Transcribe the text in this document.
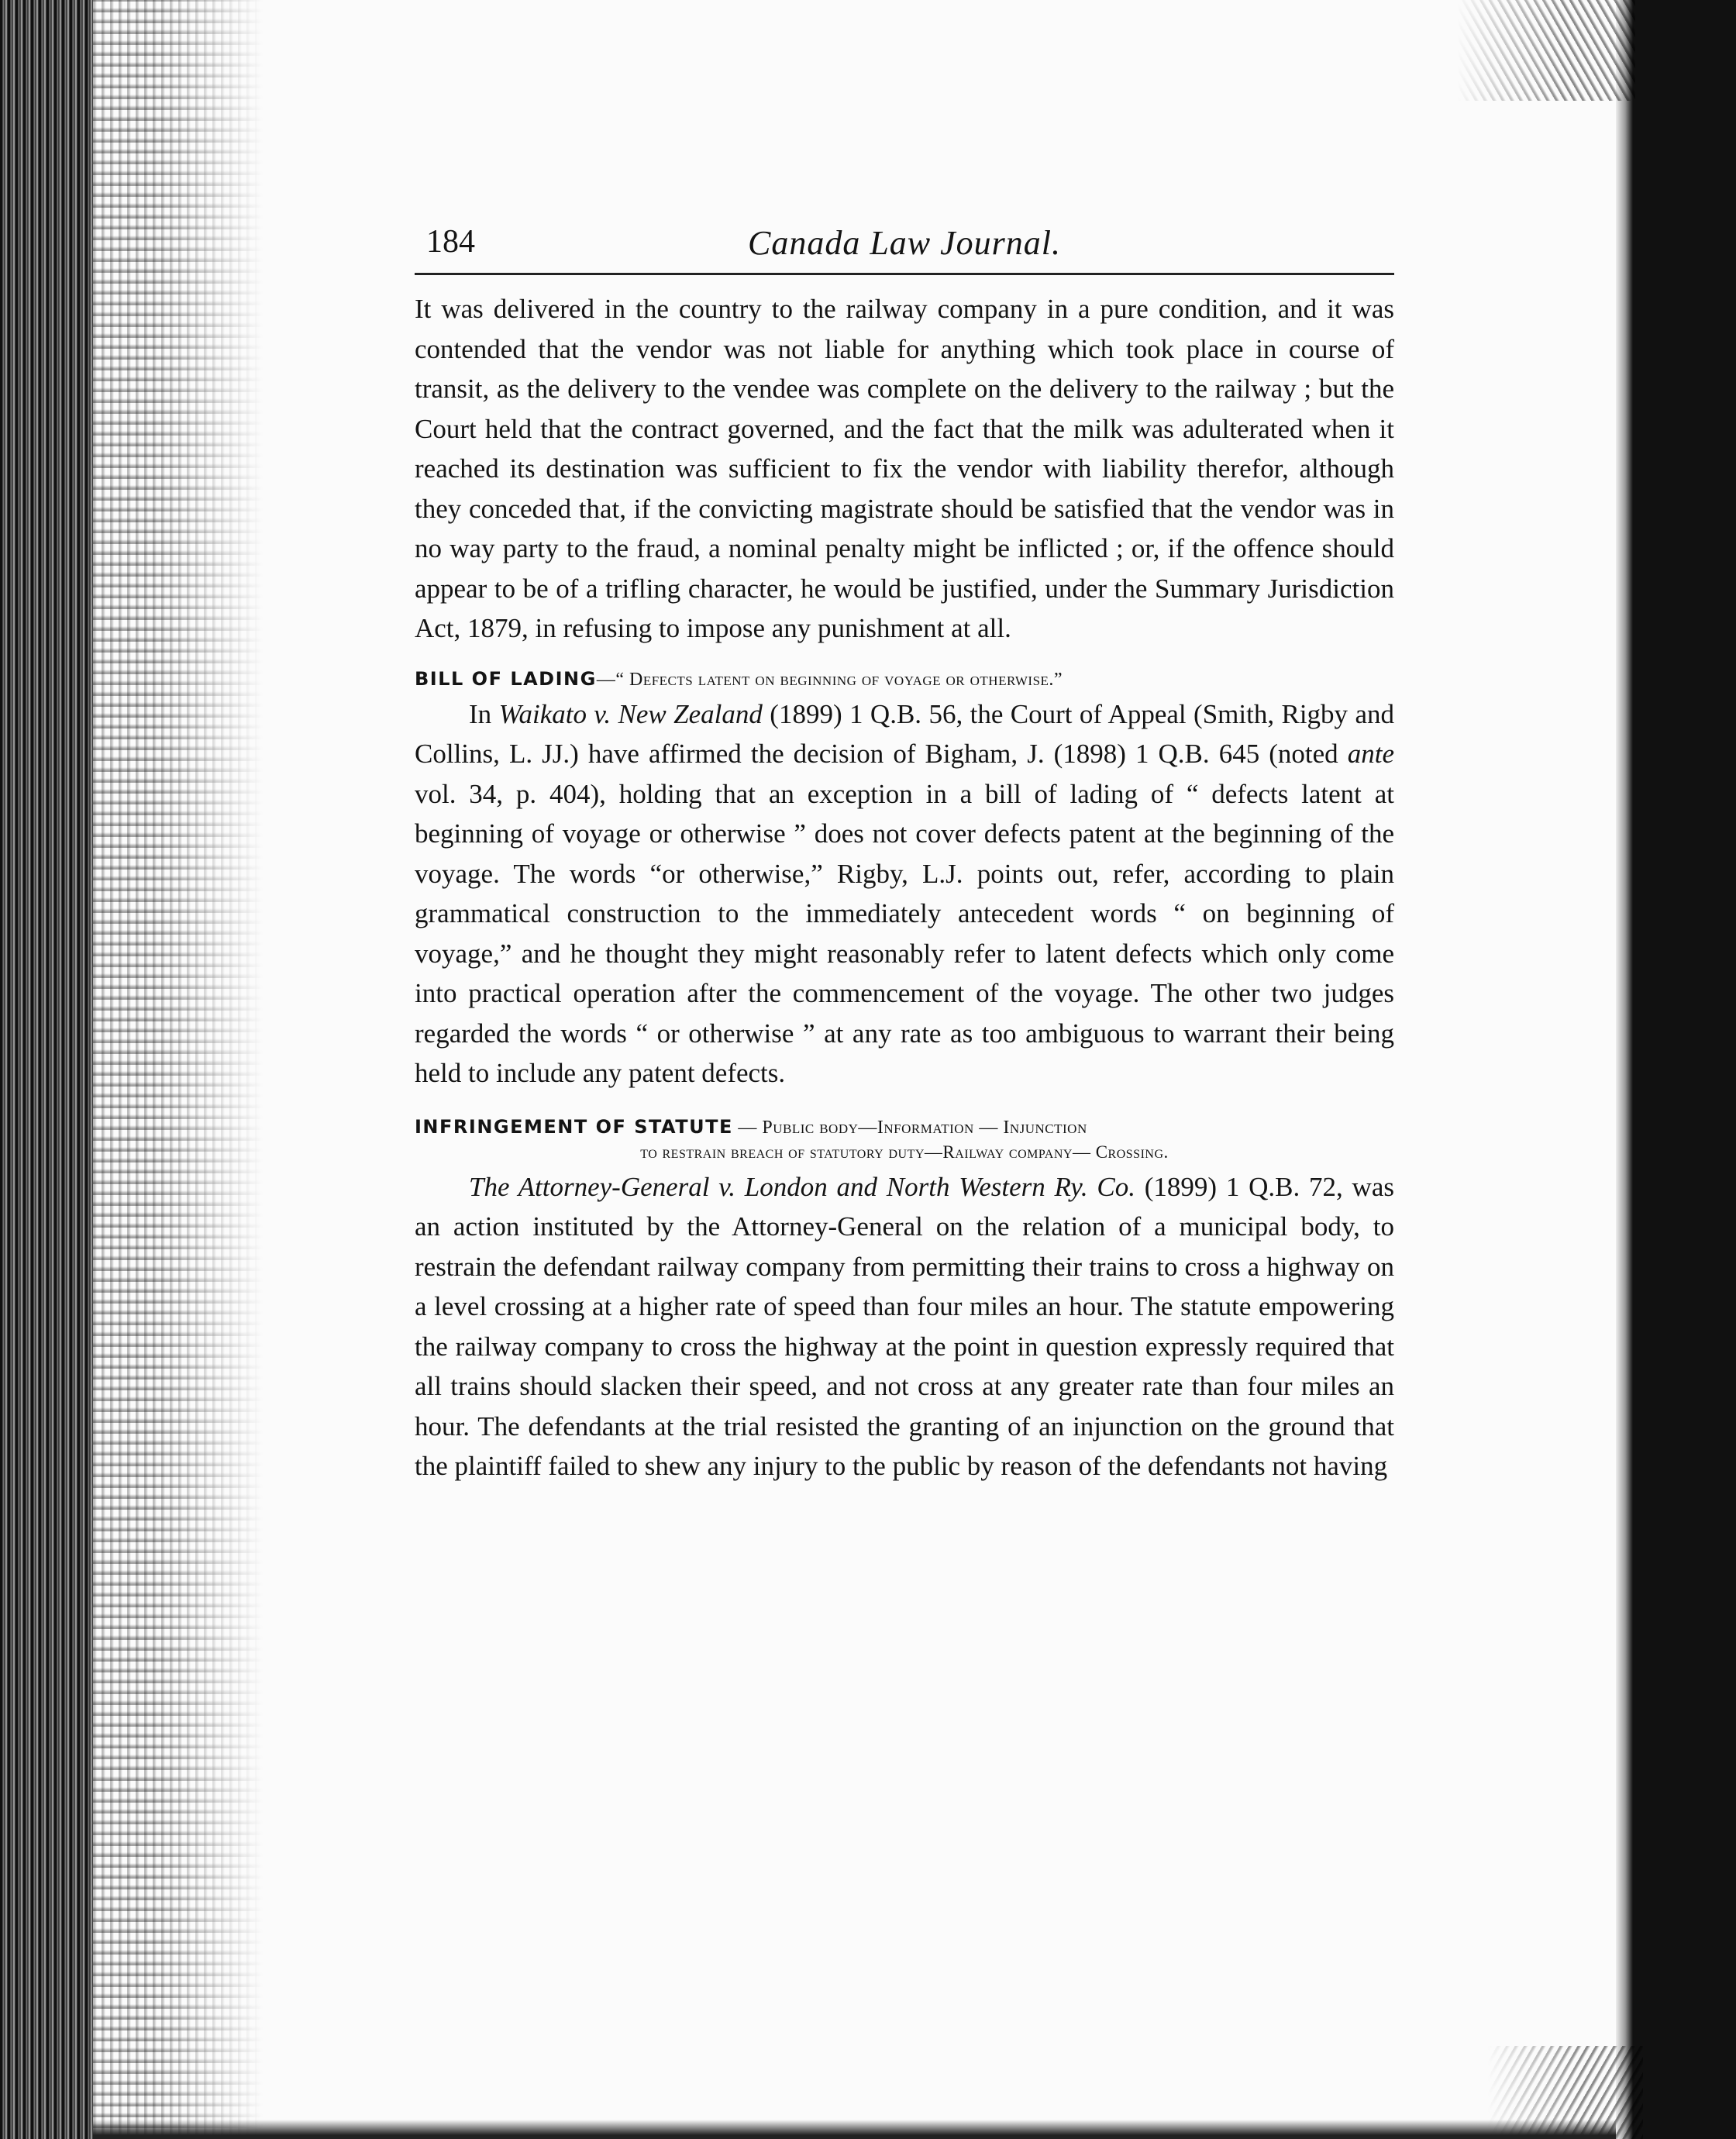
184	Canada Law Journal.

It was delivered in the country to the railway company in a pure condition, and it was contended that the vendor was not liable for anything which took place in course of transit, as the delivery to the vendee was complete on the delivery to the railway ; but the Court held that the contract governed, and the fact that the milk was adulterated when it reached its destination was sufficient to fix the vendor with liability therefor, although they conceded that, if the convicting magistrate should be satisfied that the vendor was in no way party to the fraud, a nominal penalty might be inflicted ; or, if the offence should appear to be of a trifling character, he would be justified, under the Summary Jurisdiction Act, 1879, in refusing to impose any punishment at all.

BILL OF LADING—“ Defects latent on beginning of voyage or otherwise.”

In Waikato v. New Zealand (1899) 1 Q.B. 56, the Court of Appeal (Smith, Rigby and Collins, L. JJ.) have affirmed the decision of Bigham, J. (1898) 1 Q.B. 645 (noted ante vol. 34, p. 404), holding that an exception in a bill of lading of “ defects latent at beginning of voyage or otherwise ” does not cover defects patent at the beginning of the voyage. The words “or otherwise,” Rigby, L.J. points out, refer, according to plain grammatical construction to the immediately antecedent words “ on beginning of voyage,” and he thought they might reasonably refer to latent defects which only come into practical operation after the commencement of the voyage. The other two judges regarded the words “ or otherwise ” at any rate as too ambiguous to warrant their being held to include any patent defects.

INFRINGEMENT OF STATUTE — Public body—Information — Injunction
to restrain breach of statutory duty—Railway company— Crossing.

The Attorney-General v. London and North Western Ry. Co. (1899) 1 Q.B. 72, was an action instituted by the Attorney-General on the relation of a municipal body, to restrain the defendant railway company from permitting their trains to cross a highway on a level crossing at a higher rate of speed than four miles an hour. The statute empowering the railway company to cross the highway at the point in question expressly required that all trains should slacken their speed, and not cross at any greater rate than four miles an hour. The defendants at the trial resisted the granting of an injunction on the ground that the plaintiff failed to shew any injury to the public by reason of the defendants not having
